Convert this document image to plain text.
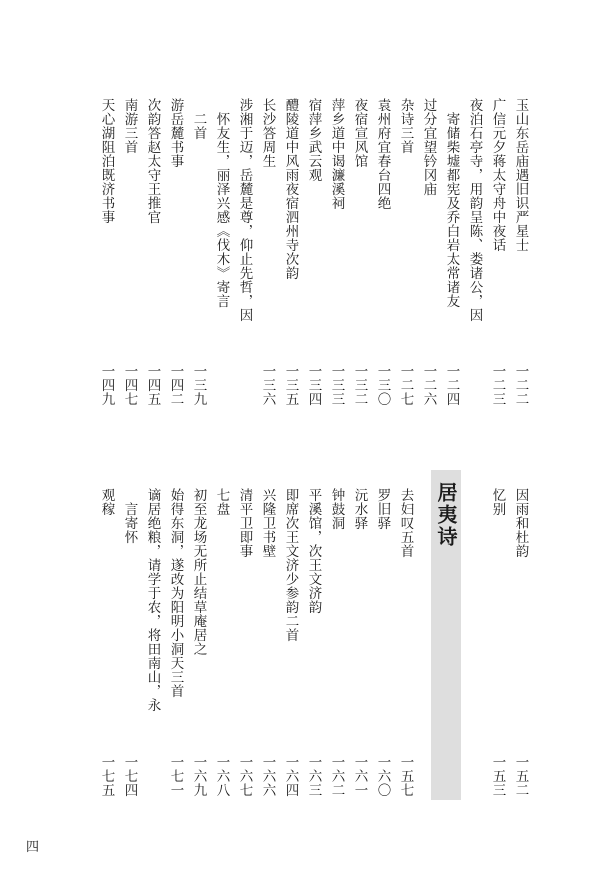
玉山东岳庙遇旧识严星士
一二二
广信元夕蒋太守舟中夜话
一二三
夜泊石亭寺，用韵呈陈、娄诸公，因
寄储柴墟都宪及乔白岩太常诸友
一二四
过分宜望钤冈庙
一二六
杂诗三首
一二七
袁州府宜春台四绝
一三〇
夜宿宣风馆
一三二
萍乡道中谒濂溪祠
一三三
宿萍乡武云观
一三四
醴陵道中风雨夜宿泗州寺次韵
一三五
长沙答周生
一三六
涉湘于迈，岳麓是尊，仰止先哲，因
怀友生，丽泽兴感《伐木》寄言
二首
一三九
游岳麓书事
一四二
次韵答赵太守王推官
一四五
南游三首
一四七
天心湖阻泊既济书事
一四九
居夷诗	因雨和杜韵
一五二
忆别
一五三
去妇叹五首
一五七
罗旧驿
一六〇
沅水驿
一六一
钟鼓洞
一六二
平溪馆，次王文济韵
一六三
即席次王文济少参韵二首
一六四
兴隆卫书壁
一六六
清平卫即事
一六七
七盘
一六八
初至龙场无所止结草庵居之
一六九
始得东洞，遂改为阳明小洞天三首
一七一
谪居绝粮，请学于农，将田南山，永
言寄怀
一七四
观稼
一七五
四
